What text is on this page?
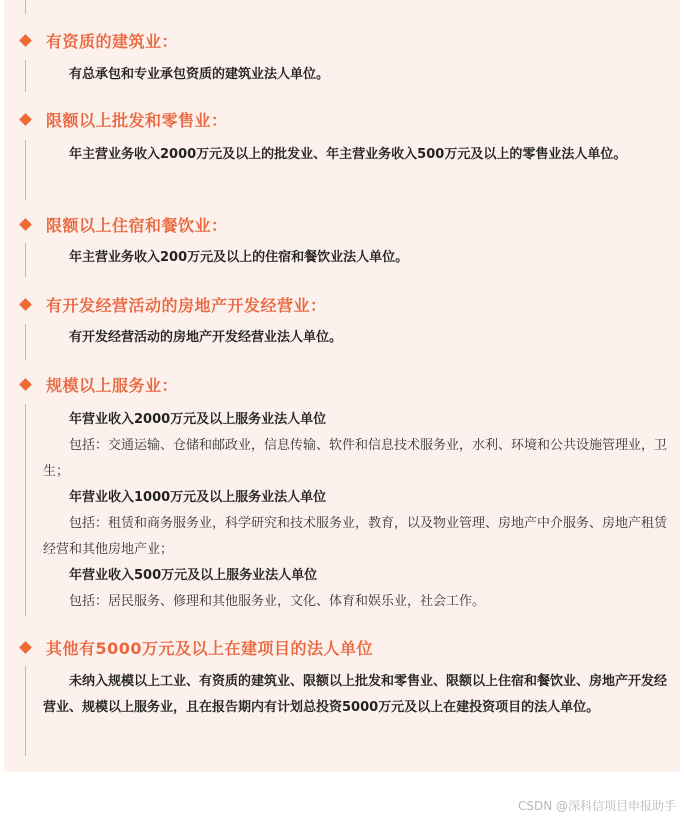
有资质的建筑业：
有总承包和专业承包资质的建筑业法人单位。
限额以上批发和零售业：
年主营业务收入2000万元及以上的批发业、年主营业务收入500万元及以上的零售业法人单位。
限额以上住宿和餐饮业：
年主营业务收入200万元及以上的住宿和餐饮业法人单位。
有开发经营活动的房地产开发经营业：
有开发经营活动的房地产开发经营业法人单位。
规模以上服务业：
年营业收入2000万元及以上服务业法人单位
包括：交通运输、仓储和邮政业，信息传输、软件和信息技术服务业，水利、环境和公共设施管理业，卫生；
年营业收入1000万元及以上服务业法人单位
包括：租赁和商务服务业，科学研究和技术服务业，教育，以及物业管理、房地产中介服务、房地产租赁经营和其他房地产业；
年营业收入500万元及以上服务业法人单位
包括：居民服务、修理和其他服务业，文化、体育和娱乐业，社会工作。
其他有5000万元及以上在建项目的法人单位
未纳入规模以上工业、有资质的建筑业、限额以上批发和零售业、限额以上住宿和餐饮业、房地产开发经营业、规模以上服务业，且在报告期内有计划总投资5000万元及以上在建投资项目的法人单位。
CSDN @深科信项目申报助手
